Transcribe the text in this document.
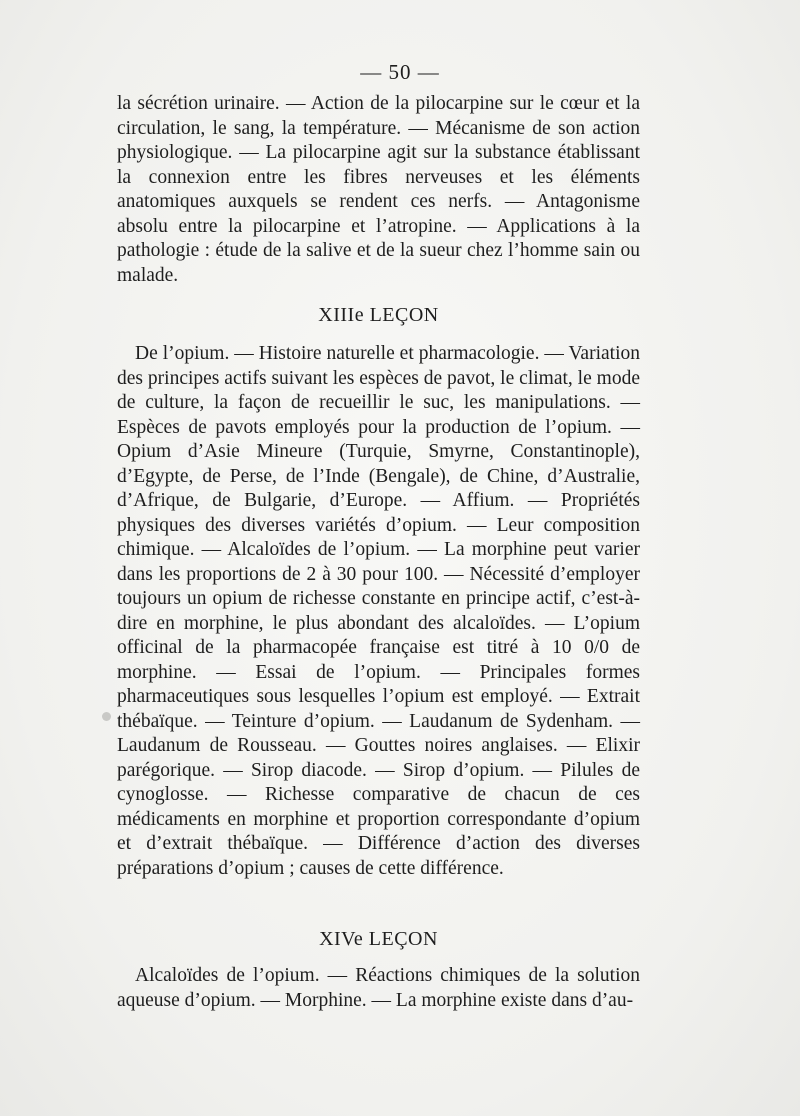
— 50 —

la sécrétion urinaire. — Action de la pilocarpine sur le cœur et la circulation, le sang, la température. — Mécanisme de son action physiologique. — La pilocarpine agit sur la substance établissant la connexion entre les fibres nerveuses et les éléments anatomiques auxquels se rendent ces nerfs. — Antagonisme absolu entre la pilocarpine et l’atropine. — Applications à la pathologie : étude de la salive et de la sueur chez l’homme sain ou malade.

XIIIe LEÇON

De l’opium. — Histoire naturelle et pharmacologie. — Variation des principes actifs suivant les espèces de pavot, le climat, le mode de culture, la façon de recueillir le suc, les manipulations. — Espèces de pavots employés pour la production de l’opium. — Opium d’Asie Mineure (Turquie, Smyrne, Constantinople), d’Egypte, de Perse, de l’Inde (Bengale), de Chine, d’Australie, d’Afrique, de Bulgarie, d’Europe. — Affium. — Propriétés physiques des diverses variétés d’opium. — Leur composition chimique. — Alcaloïdes de l’opium. — La morphine peut varier dans les proportions de 2 à 30 pour 100. — Nécessité d’employer toujours un opium de richesse constante en principe actif, c’est-à-dire en morphine, le plus abondant des alcaloïdes. — L’opium officinal de la pharmacopée française est titré à 10 0/0 de morphine. — Essai de l’opium. — Principales formes pharmaceutiques sous lesquelles l’opium est employé. — Extrait thébaïque. — Teinture d’opium. — Laudanum de Sydenham. — Laudanum de Rousseau. — Gouttes noires anglaises. — Elixir parégorique. — Sirop diacode. — Sirop d’opium. — Pilules de cynoglosse. — Richesse comparative de chacun de ces médicaments en morphine et proportion correspondante d’opium et d’extrait thébaïque. — Différence d’action des diverses préparations d’opium ; causes de cette différence.

XIVe LEÇON

Alcaloïdes de l’opium. — Réactions chimiques de la solution aqueuse d’opium. — Morphine. — La morphine existe dans d’au-
